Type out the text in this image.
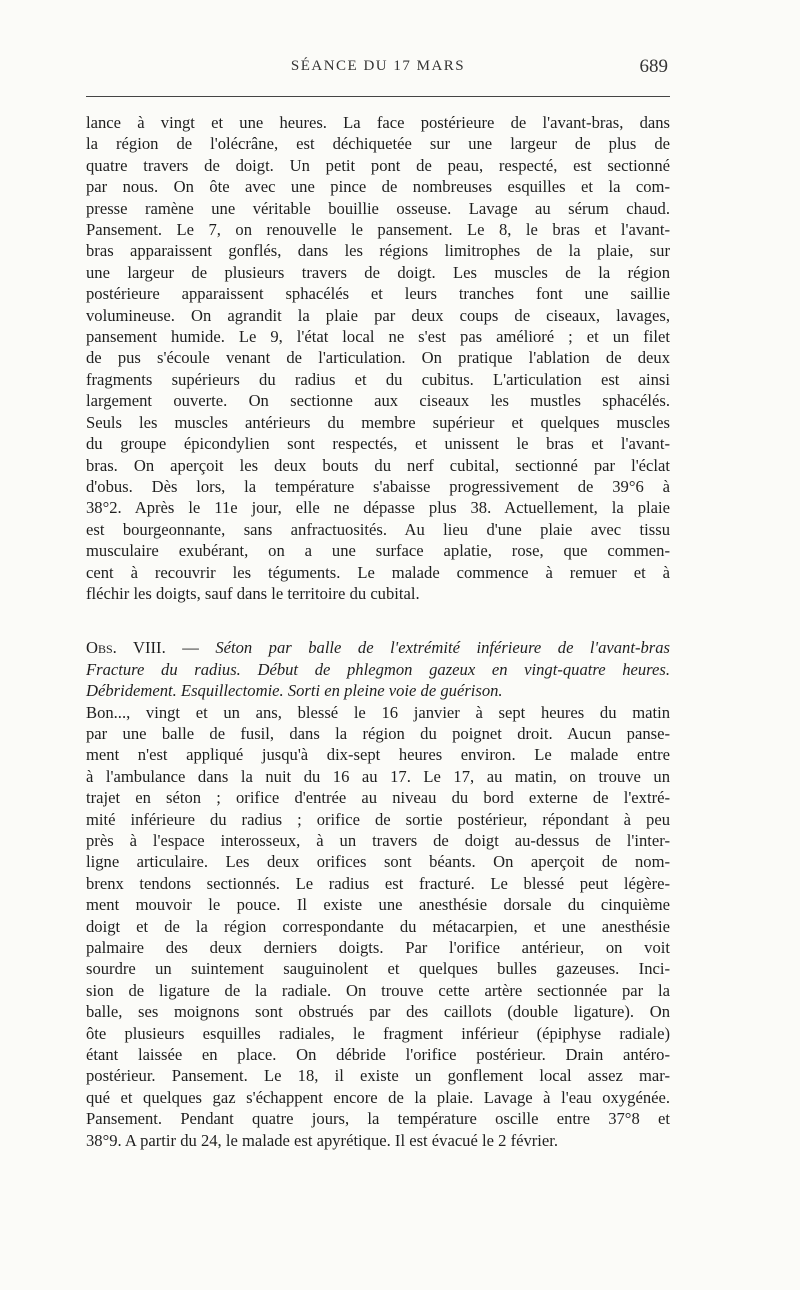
SÉANCE DU 17 MARS	689

lance à vingt et une heures. La face postérieure de l'avant-bras, dans
la région de l'olécrâne, est déchiquetée sur une largeur de plus de
quatre travers de doigt. Un petit pont de peau, respecté, est sectionné
par nous. On ôte avec une pince de nombreuses esquilles et la com-
presse ramène une véritable bouillie osseuse. Lavage au sérum chaud.
Pansement. Le 7, on renouvelle le pansement. Le 8, le bras et l'avant-
bras apparaissent gonflés, dans les régions limitrophes de la plaie, sur
une largeur de plusieurs travers de doigt. Les muscles de la région
postérieure apparaissent sphacélés et leurs tranches font une saillie
volumineuse. On agrandit la plaie par deux coups de ciseaux, lavages,
pansement humide. Le 9, l'état local ne s'est pas amélioré ; et un filet
de pus s'écoule venant de l'articulation. On pratique l'ablation de deux
fragments supérieurs du radius et du cubitus. L'articulation est ainsi
largement ouverte. On sectionne aux ciseaux les mustles sphacélés.
Seuls les muscles antérieurs du membre supérieur et quelques muscles
du groupe épicondylien sont respectés, et unissent le bras et l'avant-
bras. On aperçoit les deux bouts du nerf cubital, sectionné par l'éclat
d'obus. Dès lors, la température s'abaisse progressivement de 39°6 à
38°2. Après le 11e jour, elle ne dépasse plus 38. Actuellement, la plaie
est bourgeonnante, sans anfractuosités. Au lieu d'une plaie avec tissu
musculaire exubérant, on a une surface aplatie, rose, que commen-
cent à recouvrir les téguments. Le malade commence à remuer et à
fléchir les doigts, sauf dans le territoire du cubital.

Obs. VIII. — Séton par balle de l'extrémité inférieure de l'avant-bras
Fracture du radius. Début de phlegmon gazeux en vingt-quatre heures.
Débridement. Esquillectomie. Sorti en pleine voie de guérison.

Bon..., vingt et un ans, blessé le 16 janvier à sept heures du matin
par une balle de fusil, dans la région du poignet droit. Aucun panse-
ment n'est appliqué jusqu'à dix-sept heures environ. Le malade entre
à l'ambulance dans la nuit du 16 au 17. Le 17, au matin, on trouve un
trajet en séton ; orifice d'entrée au niveau du bord externe de l'extré-
mité inférieure du radius ; orifice de sortie postérieur, répondant à peu
près à l'espace interosseux, à un travers de doigt au-dessus de l'inter-
ligne articulaire. Les deux orifices sont béants. On aperçoit de nom-
brenx tendons sectionnés. Le radius est fracturé. Le blessé peut légère-
ment mouvoir le pouce. Il existe une anesthésie dorsale du cinquième
doigt et de la région correspondante du métacarpien, et une anesthésie
palmaire des deux derniers doigts. Par l'orifice antérieur, on voit
sourdre un suintement sauguinolent et quelques bulles gazeuses. Inci-
sion de ligature de la radiale. On trouve cette artère sectionnée par la
balle, ses moignons sont obstrués par des caillots (double ligature). On
ôte plusieurs esquilles radiales, le fragment inférieur (épiphyse radiale)
étant laissée en place. On débride l'orifice postérieur. Drain antéro-
postérieur. Pansement. Le 18, il existe un gonflement local assez mar-
qué et quelques gaz s'échappent encore de la plaie. Lavage à l'eau oxygénée.
Pansement. Pendant quatre jours, la température oscille entre 37°8 et
38°9. A partir du 24, le malade est apyrétique. Il est évacué le 2 février.
